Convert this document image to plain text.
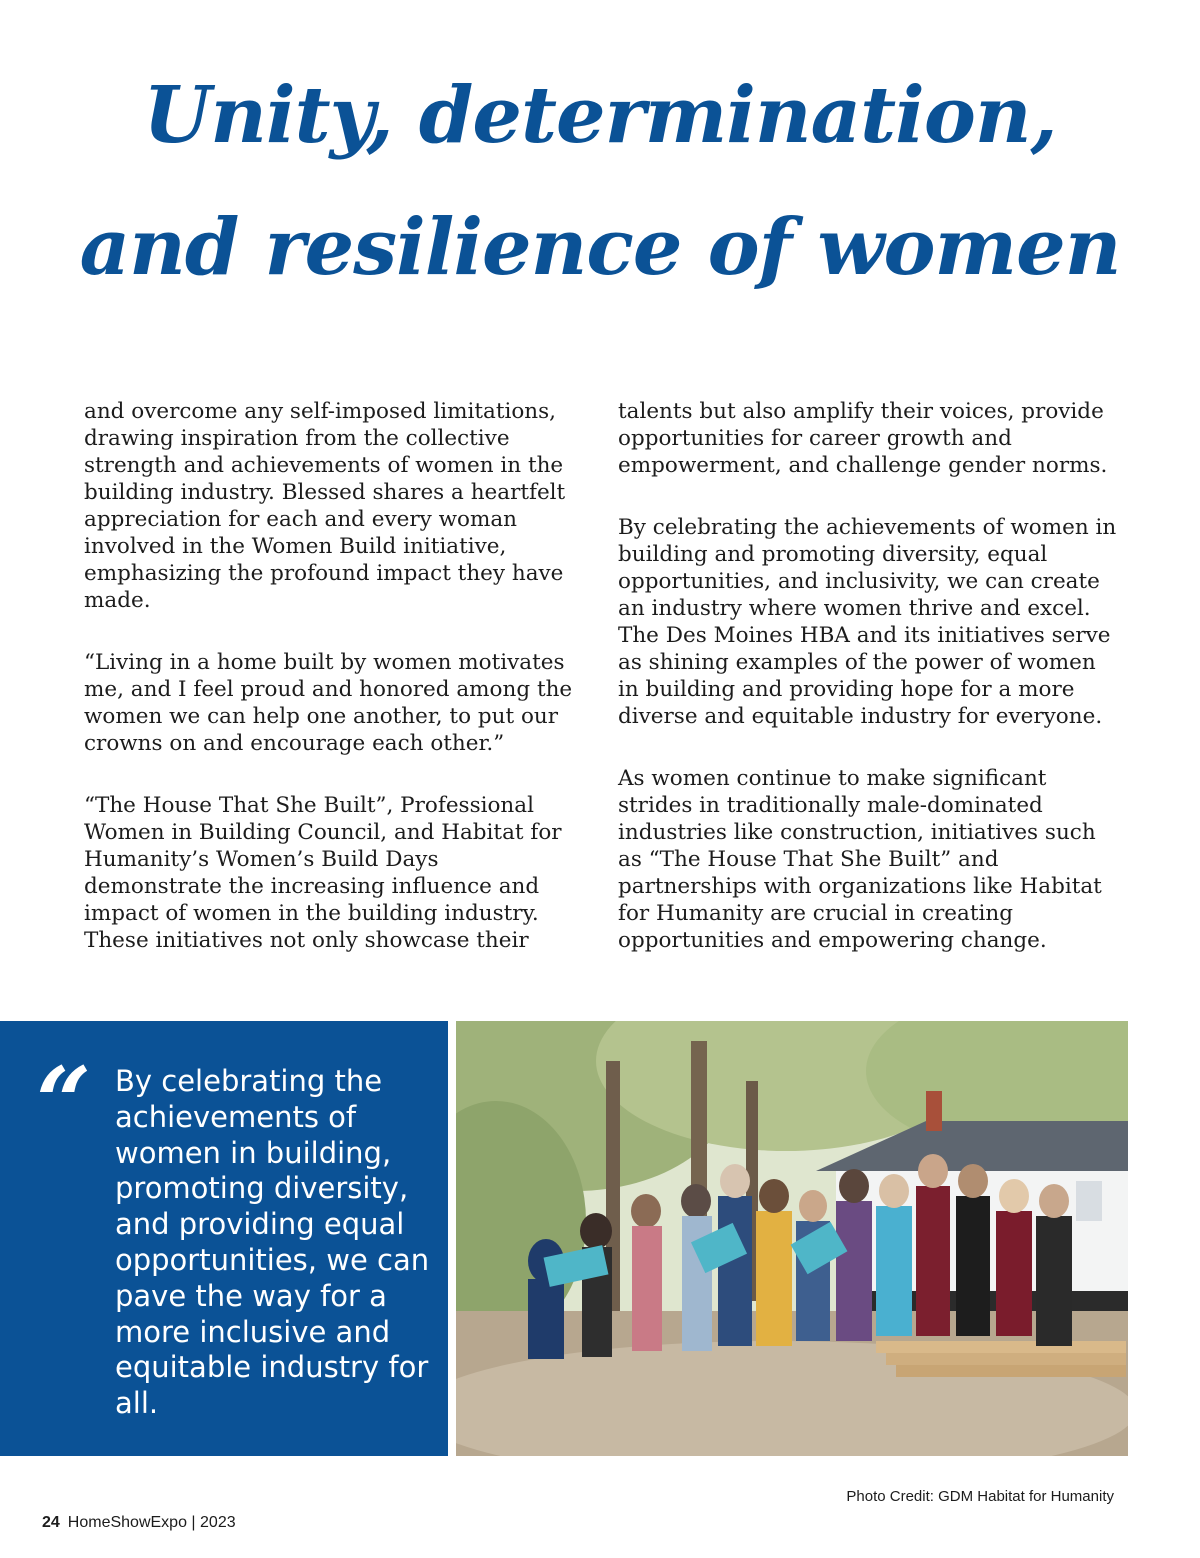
Unity, determination,
and resilience of women

and overcome any self-imposed limitations, drawing inspiration from the collective strength and achievements of women in the building industry. Blessed shares a heartfelt appreciation for each and every woman involved in the Women Build initiative, emphasizing the profound impact they have made.

“Living in a home built by women motivates me, and I feel proud and honored among the women we can help one another, to put our crowns on and encourage each other.”

“The House That She Built”, Professional Women in Building Council, and Habitat for Humanity’s Women’s Build Days demonstrate the increasing influence and impact of women in the building industry. These initiatives not only showcase their

talents but also amplify their voices, provide opportunities for career growth and empowerment, and challenge gender norms.

By celebrating the achievements of women in building and promoting diversity, equal opportunities, and inclusivity, we can create an industry where women thrive and excel. The Des Moines HBA and its initiatives serve as shining examples of the power of women in building and providing hope for a more diverse and equitable industry for everyone.

As women continue to make significant strides in traditionally male-dominated industries like construction, initiatives such as “The House That She Built” and partnerships with organizations like Habitat for Humanity are crucial in creating opportunities and empowering change.

“ By celebrating the achievements of women in building, promoting diversity, and providing equal opportunities, we can pave the way for a more inclusive and equitable industry for all.
Photo Credit: GDM Habitat for Humanity
24 HomeShowExpo | 2023
